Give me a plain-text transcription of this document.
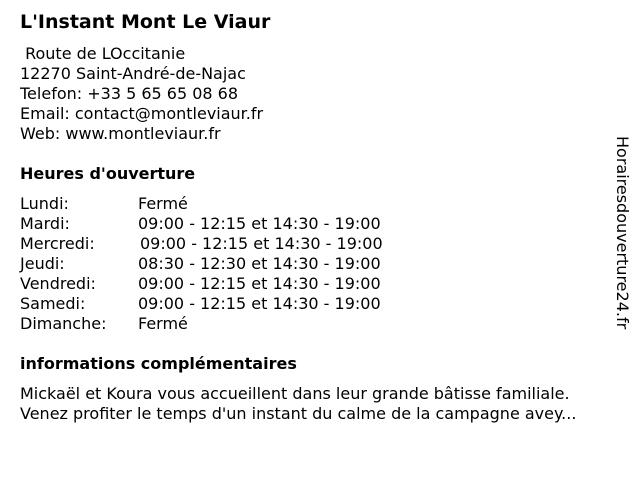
L'Instant Mont Le Viaur
Route de LOccitanie
12270 Saint-André-de-Najac
Telefon: +33 5 65 65 08 68
Email: contact@montleviaur.fr
Web: www.montleviaur.fr
Heures d'ouverture
Lundi:	Fermé
Mardi:	09:00 - 12:15 et 14:30 - 19:00
Mercredi:	09:00 - 12:15 et 14:30 - 19:00
Jeudi:	08:30 - 12:30 et 14:30 - 19:00
Vendredi:	09:00 - 12:15 et 14:30 - 19:00
Samedi:	09:00 - 12:15 et 14:30 - 19:00
Dimanche: Fermé
informations complémentaires
Mickaël et Koura vous accueillent dans leur grande bâtisse familiale.
Venez profiter le temps d'un instant du calme de la campagne avey...
Horairesdouverture24.fr
